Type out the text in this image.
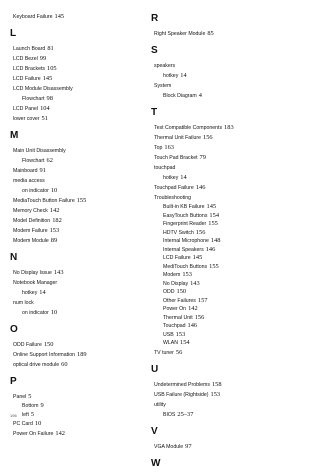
Keyboard Failure 145
L
Launch Board 81
LCD Bezel 99
LCD Brackets 105
LCD Failure 145
LCD Module Disassembly
Flowchart 98
LCD Panel 104
lower cover 51
M
Main Unit Disassembly
Flowchart 62
Mainboard 91
media access
on indicator 10
MediaTouch Button Failure 155
Memory Check 142
Model Definition 182
Modem Failure 153
Modem Module 89
N
No Display Issue 143
Notebook Manager
hotkey 14
num lock
on indicator 10
O
ODD Failure 150
Online Support Information 189
optical drive module 60
P
Panel 5
Bottom 9
left 5
PC Card 10
Power On Failure 142
R
Right Speaker Module 85
S
speakers
hotkey 14
System
Block Diagram 4
T
Test Compatible Components 183
Thermal Unit Failure 156
Top 163
Touch Pad Bracket 79
touchpad
hotkey 14
Touchpad Failure 146
Troubleshooting
Built-in KB Failure 145
EasyTouch Buttons 154
Fingerprint Reader 155
HDTV Switch 156
Internal Microphone 148
Internal Speakers 146
LCD Failure 145
MediTouch Buttons 155
Modem 153
No Display 143
ODD 150
Other Failures 157
Power On 142
Thermal Unit 156
Touchpad 146
USB 153
WLAN 154
TV tuner 56
U
Undetermined Problems 158
USB Failure (Rightside) 153
utility
BIOS 25–37
V
VGA Module 97
W
196
